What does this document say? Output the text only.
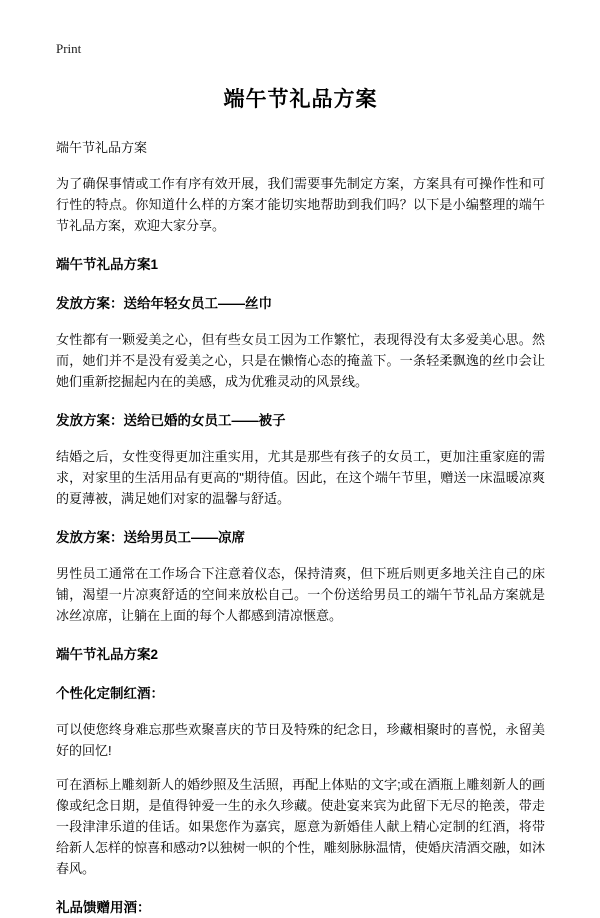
Print
端午节礼品方案
端午节礼品方案

为了确保事情或工作有序有效开展，我们需要事先制定方案，方案具有可操作性和可行性的特点。你知道什么样的方案才能切实地帮助到我们吗？以下是小编整理的端午节礼品方案，欢迎大家分享。

端午节礼品方案1
发放方案：送给年轻女员工——丝巾

女性都有一颗爱美之心，但有些女员工因为工作繁忙，表现得没有太多爱美心思。然而，她们并不是没有爱美之心，只是在懒惰心态的掩盖下。一条轻柔飘逸的丝巾会让她们重新挖掘起内在的美感，成为优雅灵动的风景线。

发放方案：送给已婚的女员工——被子

结婚之后，女性变得更加注重实用，尤其是那些有孩子的女员工，更加注重家庭的需求，对家里的生活用品有更高的"期待值。因此，在这个端午节里，赠送一床温暖凉爽的夏薄被，满足她们对家的温馨与舒适。

发放方案：送给男员工——凉席

男性员工通常在工作场合下注意着仪态，保持清爽，但下班后则更多地关注自己的床铺，渴望一片凉爽舒适的空间来放松自己。一个份送给男员工的端午节礼品方案就是冰丝凉席，让躺在上面的每个人都感到清凉惬意。

端午节礼品方案2
个性化定制红酒：

可以使您终身难忘那些欢聚喜庆的节日及特殊的纪念日，珍藏相聚时的喜悦，永留美好的回忆!

可在酒标上雕刻新人的婚纱照及生活照，再配上体贴的文字;或在酒瓶上雕刻新人的画像或纪念日期，是值得钟爱一生的永久珍藏。使赴宴来宾为此留下无尽的艳羡，带走一段津津乐道的佳话。如果您作为嘉宾，愿意为新婚佳人献上精心定制的红酒，将带给新人怎样的惊喜和感动?以独树一帜的个性，雕刻脉脉温情，使婚庆清酒交融，如沐春风。

礼品馈赠用酒：
